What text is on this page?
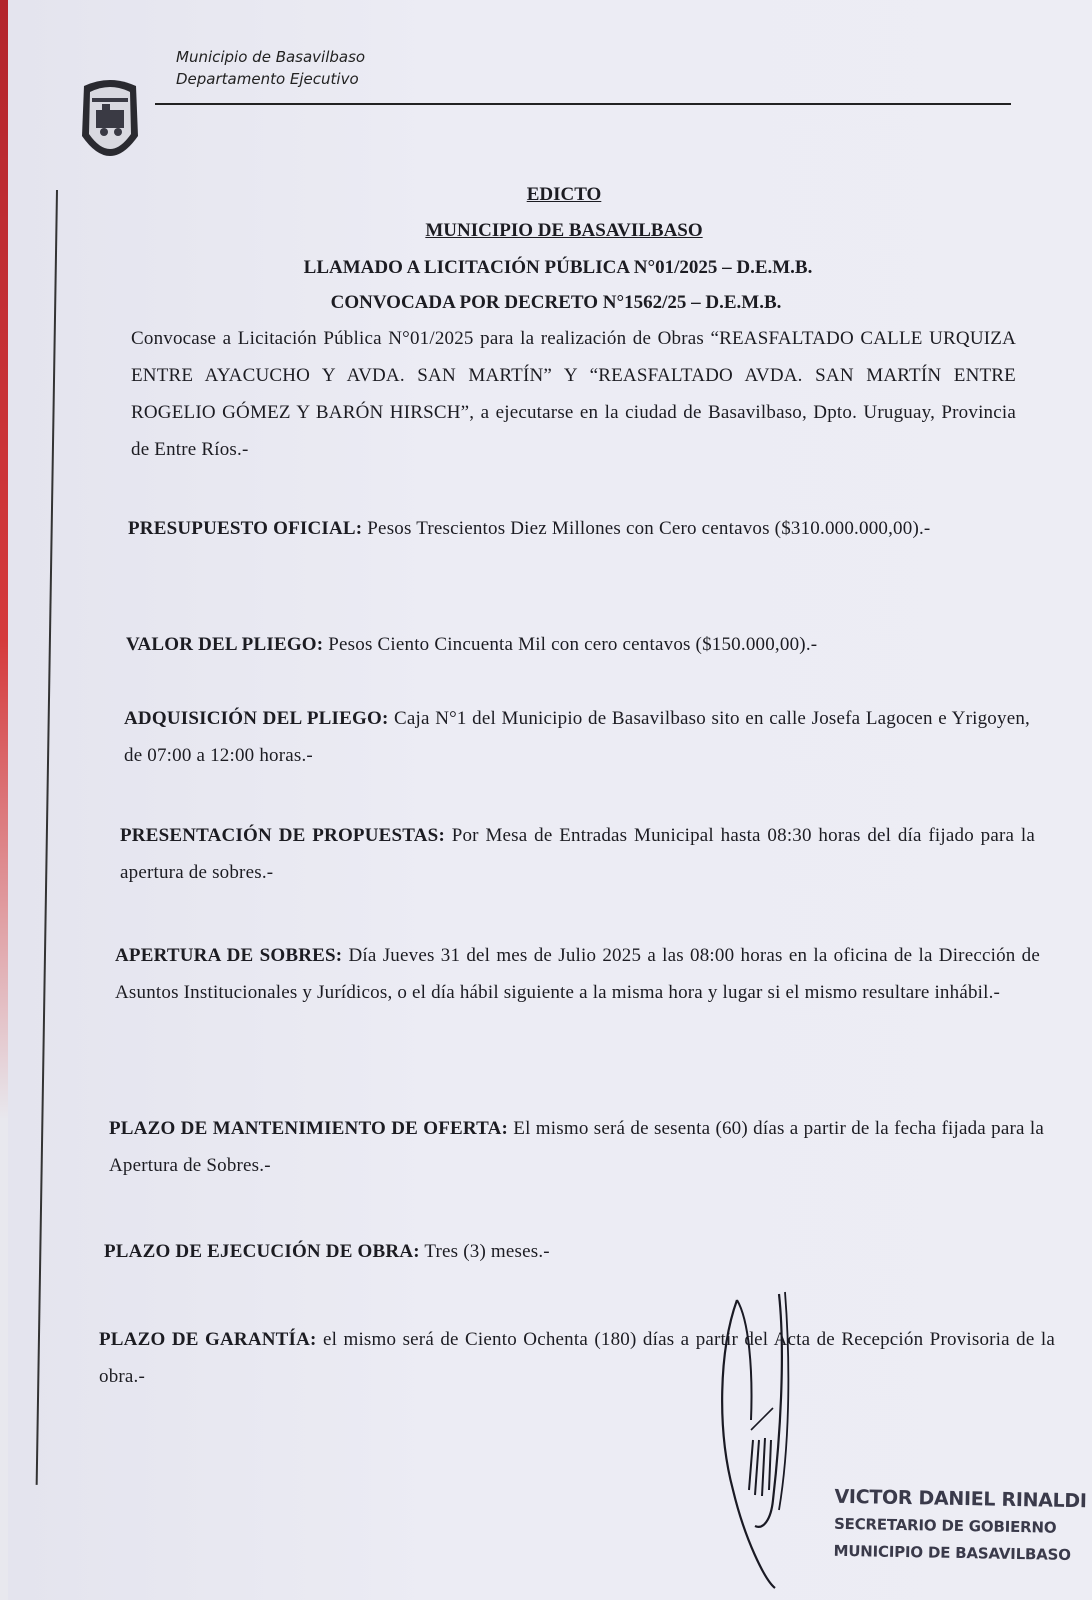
Municipio de Basavilbaso
Departamento Ejecutivo
EDICTO
MUNICIPIO DE BASAVILBASO
LLAMADO A LICITACIÓN PÚBLICA N°01/2025 – D.E.M.B.
CONVOCADA POR DECRETO N°1562/25 – D.E.M.B.
Convocase a Licitación Pública N°01/2025 para la realización de Obras “REASFALTADO CALLE URQUIZA ENTRE AYACUCHO Y AVDA. SAN MARTÍN” Y “REASFALTADO AVDA. SAN MARTÍN ENTRE ROGELIO GÓMEZ Y BARÓN HIRSCH”, a ejecutarse en la ciudad de Basavilbaso, Dpto. Uruguay, Provincia de Entre Ríos.-
PRESUPUESTO OFICIAL: Pesos Trescientos Diez Millones con Cero centavos ($310.000.000,00).-
VALOR DEL PLIEGO: Pesos Ciento Cincuenta Mil con cero centavos ($150.000,00).-
ADQUISICIÓN DEL PLIEGO: Caja N°1 del Municipio de Basavilbaso sito en calle Josefa Lagocen e Yrigoyen, de 07:00 a 12:00 horas.-
PRESENTACIÓN DE PROPUESTAS: Por Mesa de Entradas Municipal hasta 08:30 horas del día fijado para la apertura de sobres.-
APERTURA DE SOBRES: Día Jueves 31 del mes de Julio 2025 a las 08:00 horas en la oficina de la Dirección de Asuntos Institucionales y Jurídicos, o el día hábil siguiente a la misma hora y lugar si el mismo resultare inhábil.-
PLAZO DE MANTENIMIENTO DE OFERTA: El mismo será de sesenta (60) días a partir de la fecha fijada para la Apertura de Sobres.-
PLAZO DE EJECUCIÓN DE OBRA: Tres (3) meses.-
PLAZO DE GARANTÍA: el mismo será de Ciento Ochenta (180) días a partir del Acta de Recepción Provisoria de la obra.-
VICTOR DANIEL RINALDI
SECRETARIO DE GOBIERNO
MUNICIPIO DE BASAVILBASO
